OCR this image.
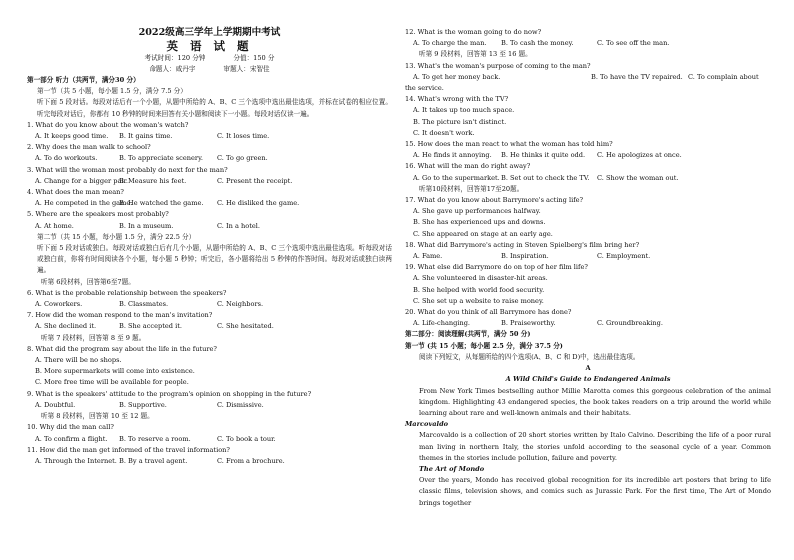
2022级高三学年上学期期中考试
英 语 试 题
考试时间：120 分钟	分值：150 分
命题人：咸丹宇	审题人：宋智佳
第一部分 听力（共两节，满分30 分）
第一节（共 5 小题，每小题 1.5 分，满分 7.5 分）
听下面 5 段对话。每段对话后有一个小题，从题中所给的 A、B、C 三个选项中选出最佳选项，并标在试卷的相应位置。听完每段对话后，你都有 10 秒钟的时间来回答有关小题和阅读下一小题。每段对话仅读一遍。
1. What do you know about the woman's watch?
A. It keeps good time.	B. It gains time.	C. It loses time.
2. Why does the man walk to school?
A. To do workouts.	B. To appreciate scenery.	C. To go green.
3. What will the woman most probably do next for the man?
A. Change for a bigger pair.
B. Measure his feet.	C. Present the receipt.
4. What does the man mean?
A. He competed in the game.
B. He watched the game.	C. He disliked the game.
5. Where are the speakers most probably?
A. At home.	B. In a museum.	C. In a hotel.
第二节（共 15 小题，每小题 1.5 分，满分 22.5 分）
听下面 5 段对话或独白。每段对话或独白后有几个小题，从题中所给的 A、B、C 三个选项中选出最佳选项。听每段对话或独白前，你将有时间阅读各个小题，每小题 5 秒钟；听完后，各小题将给出 5 秒钟的作答时间。每段对话或独白读两遍。
听第 6段材料，回答第6至7题。
6. What is the probable relationship between the speakers?
A. Coworkers.	B. Classmates.	C. Neighbors.
7. How did the woman respond to the man's invitation?
A. She declined it.	B. She accepted it.	C. She hesitated.
听第 7 段材料，回答第 8 至 9 题。
8. What did the program say about the life in the future?
A. There will be no shops.
B. More supermarkets will come into existence.
C. More free time will be available for people.
9. What is the speakers' attitude to the program's opinion on shopping in the future?
A. Doubtful.	B. Supportive.	C. Dismissive.
听第 8 段材料，回答第 10 至 12 题。
10. Why did the man call?
A. To confirm a flight.	B. To reserve a room.	C. To book a tour.
11. How did the man get informed of the travel information?
A. Through the Internet. B. By a travel agent.	C. From a brochure.
12. What is the woman going to do now?
A. To charge the man.	B. To cash the money.	C. To see off the man.
听第 9 段材料，回答第 13 至 16 题。
13. What's the woman's purpose of coming to the man?
A. To get her money back.	B. To have the TV repaired. C. To complain about
the service.
14. What's wrong with the TV?
A. It takes up too much space.
B. The picture isn't distinct.
C. It doesn't work.
15. How does the man react to what the woman has told him?
A. He finds it annoying.	B. He thinks it quite odd.	C. He apologizes at once.
16. What will the man do right away?
A. Go to the supermarket. B. Set out to check the TV.	C. Show the woman out.
听第10段材料，回答第17至20题。
17. What do you know about Barrymore's acting life?
A. She gave up performances halfway.
B. She has experienced ups and downs.
C. She appeared on stage at an early age.
18. What did Barrymore's acting in Steven Spielberg's film bring her?
A. Fame.	B. Inspiration.	C. Employment.
19. What else did Barrymore do on top of her film life?
A. She volunteered in disaster-hit areas.
B. She helped with world food security.
C. She set up a website to raise money.
20. What do you think of all Barrymore has done?
A. Life-changing.	B. Praiseworthy.	C. Groundbreaking.
第二部分：阅读理解(共两节，满分 50 分)
第一节 (共 15 小题；每小题 2.5 分，满分 37.5 分)
阅读下列短文，从每题所给的四个选项(A、B、C 和 D)中，选出最佳选项。
A
A Wild Child's Guide to Endangered Animals
From New York Times bestselling author Millie Marotta comes this gorgeous celebration of the animal kingdom. Highlighting 43 endangered species, the book takes readers on a trip around the world while learning about rare and well-known animals and their habitats.
Marcovaldo
Marcovaldo is a collection of 20 short stories written by Italo Calvino. Describing the life of a poor rural man living in northern Italy, the stories unfold according to the seasonal cycle of a year. Common themes in the stories include pollution, failure and poverty.
The Art of Mondo
Over the years, Mondo has received global recognition for its incredible art posters that bring to life classic films, television shows, and comics such as Jurassic Park. For the first time, The Art of Mondo brings together
